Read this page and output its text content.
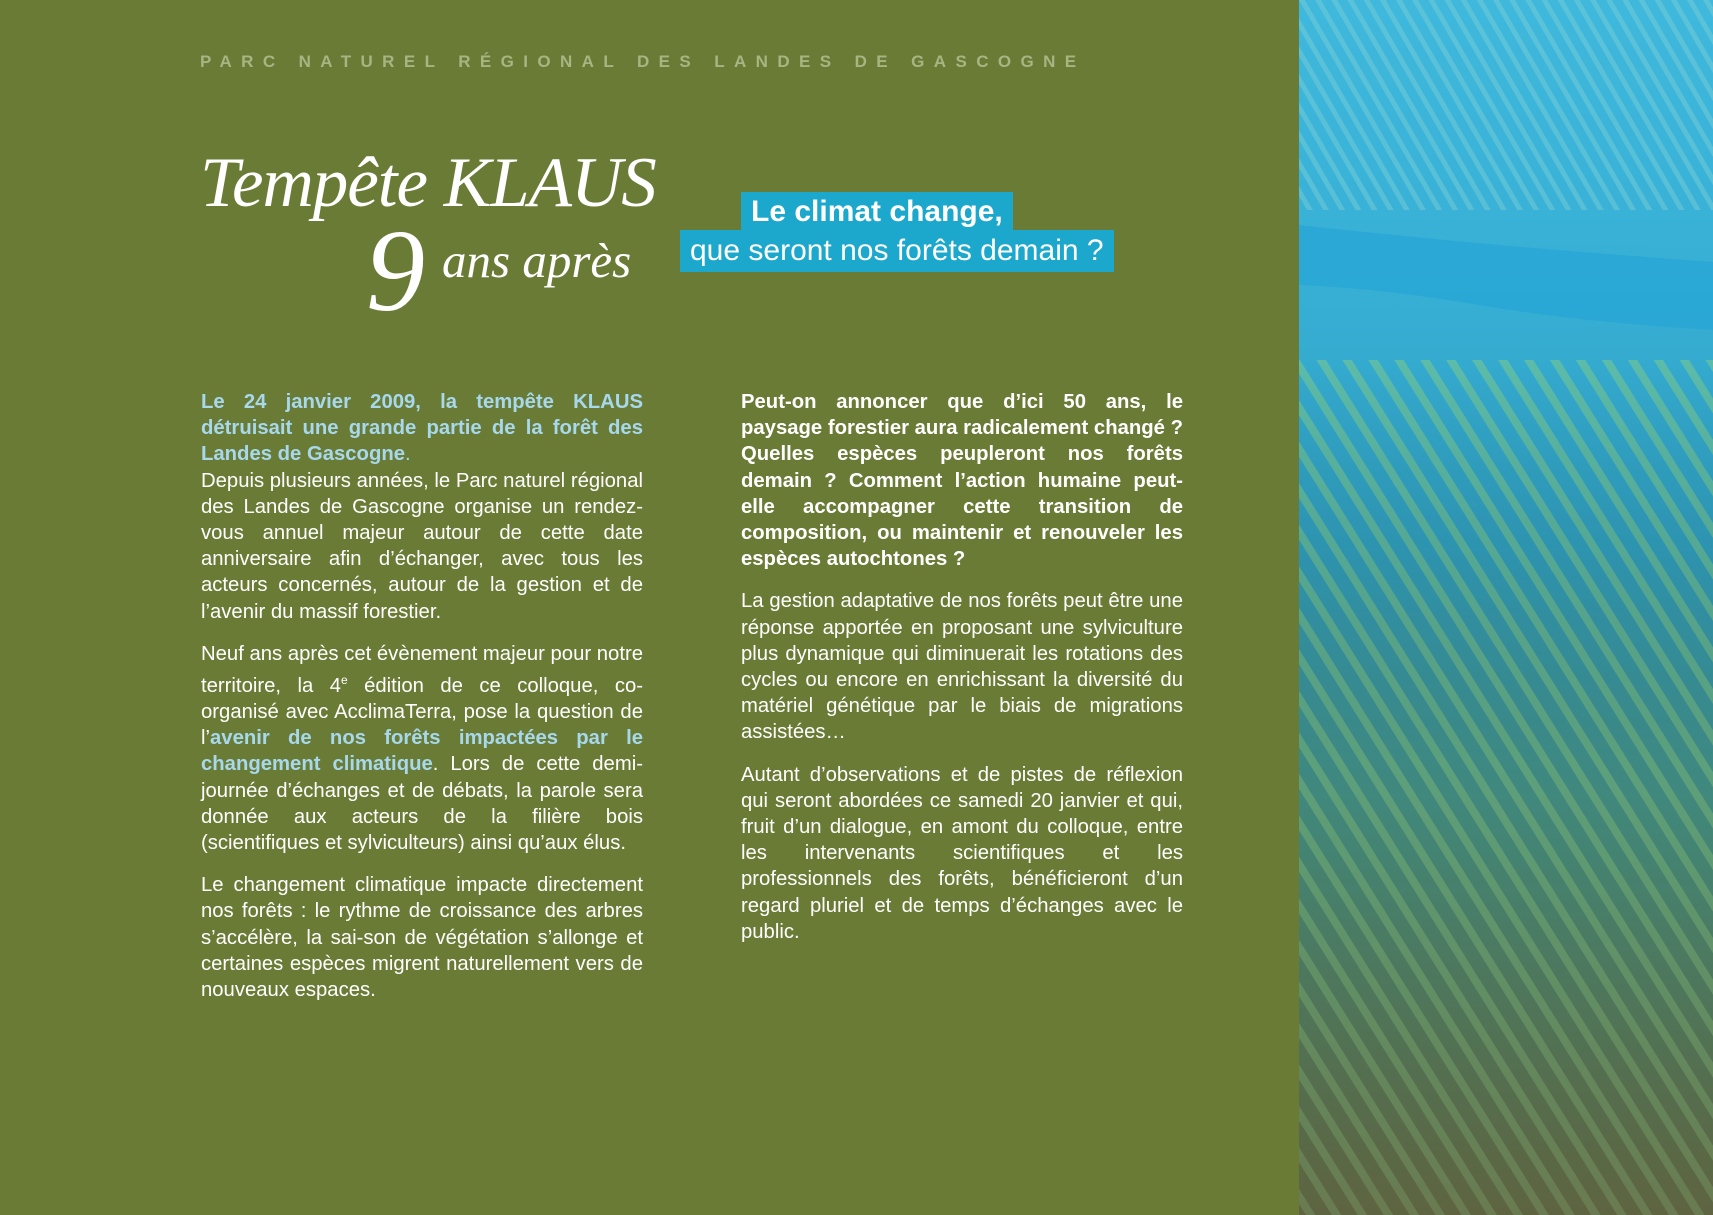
PARC NATUREL RÉGIONAL DES LANDES DE GASCOGNE
Tempête KLAUS
9 ans après
Le climat change,
que seront nos forêts demain ?

Le 24 janvier 2009, la tempête KLAUS détruisait une grande partie de la forêt des Landes de Gascogne.
Depuis plusieurs années, le Parc naturel régional des Landes de Gascogne organise un rendez-vous annuel majeur autour de cette date anniversaire afin d’échanger, avec tous les acteurs concernés, autour de la gestion et de l’avenir du massif forestier.

Neuf ans après cet évènement majeur pour notre territoire, la 4e édition de ce colloque, co-organisé avec AcclimaTerra, pose la question de l’avenir de nos forêts impactées par le changement climatique. Lors de cette demi-journée d’échanges et de débats, la parole sera donnée aux acteurs de la filière bois (scientifiques et sylviculteurs) ainsi qu’aux élus.

Le changement climatique impacte directement nos forêts : le rythme de croissance des arbres s’accélère, la sai-son de végétation s’allonge et certaines espèces migrent naturellement vers de nouveaux espaces.

Peut-on annoncer que d’ici 50 ans, le paysage forestier aura radicalement changé ? Quelles espèces peupleront nos forêts demain ? Comment l’action humaine peut-elle accompagner cette transition de composition, ou maintenir et renouveler les espèces autochtones ?

La gestion adaptative de nos forêts peut être une réponse apportée en proposant une sylviculture plus dynamique qui diminuerait les rotations des cycles ou encore en enrichissant la diversité du matériel génétique par le biais de migrations assistées…

Autant d’observations et de pistes de réflexion qui seront abordées ce samedi 20 janvier et qui, fruit d’un dialogue, en amont du colloque, entre les intervenants scientifiques et les professionnels des forêts, bénéficieront d’un regard pluriel et de temps d’échanges avec le public.
